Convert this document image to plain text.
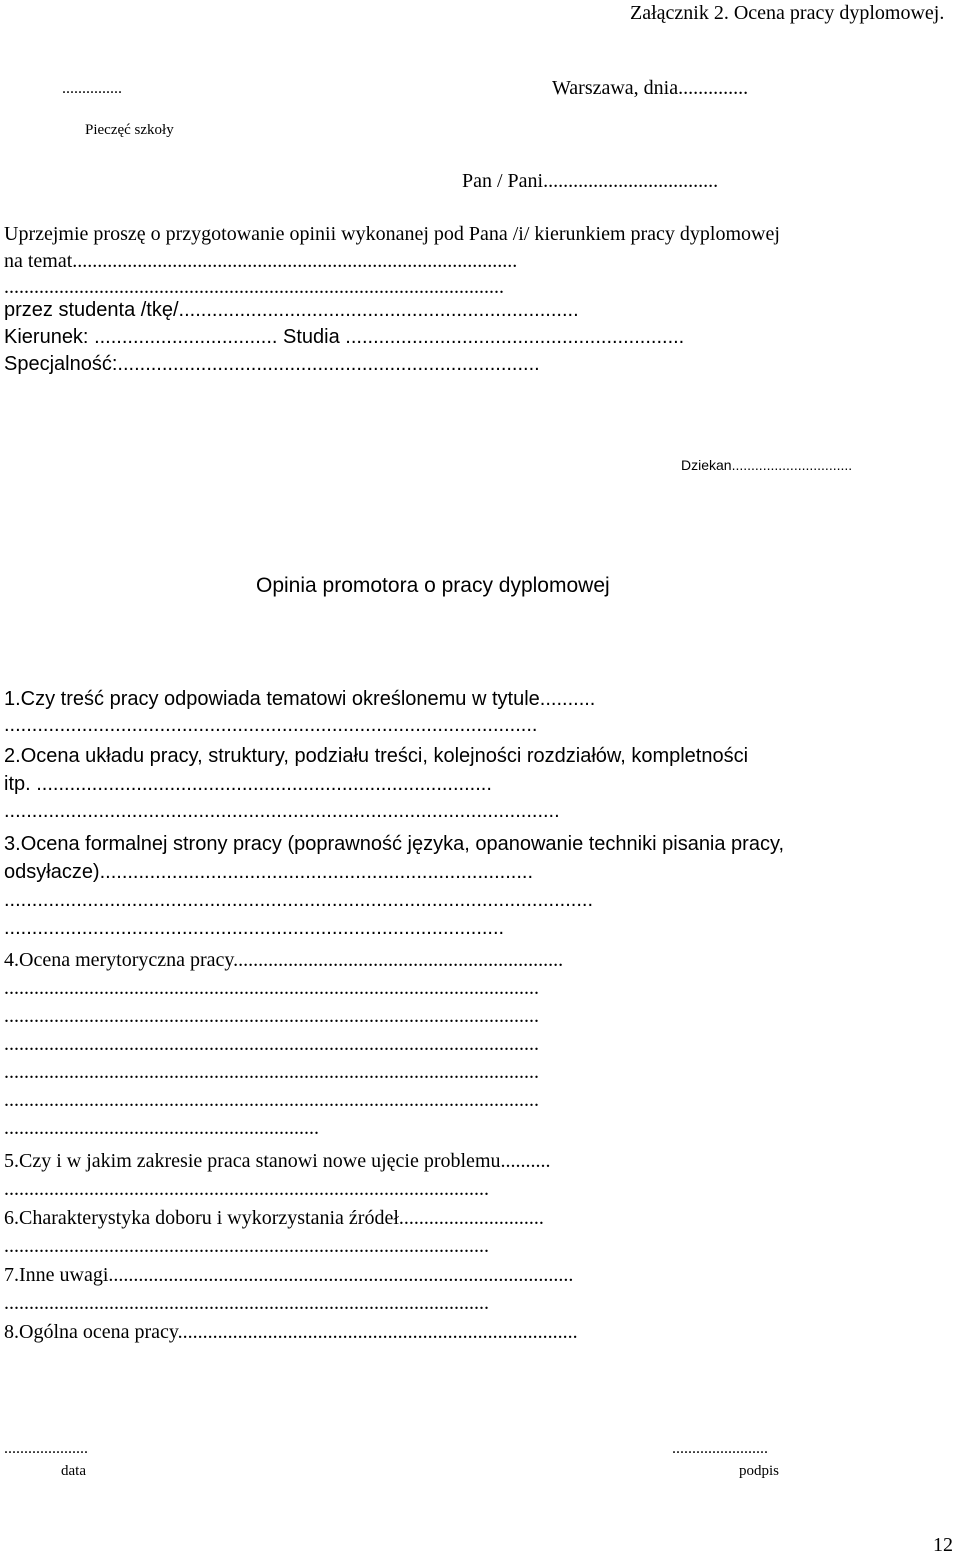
Załącznik 2. Ocena pracy dyplomowej.
...............
Pieczęć szkoły
Warszawa, dnia..............
Pan / Pani...................................
Uprzejmie proszę o przygotowanie opinii wykonanej pod Pana /i/ kierunkiem pracy dyplomowej
na temat.........................................................................................
....................................................................................................
przez studenta /tkę/........................................................................
Kierunek: ................................. Studia .............................................................
Specjalność:............................................................................
Dziekan...............................
Opinia promotora o pracy dyplomowej
1.Czy treść pracy odpowiada tematowi określonemu w tytule..........
................................................................................................
2.Ocena układu pracy, struktury, podziału treści, kolejności rozdziałów, kompletności
itp. ..................................................................................
....................................................................................................
3.Ocena formalnej strony pracy (poprawność języka, opanowanie techniki pisania pracy,
odsyłacze)..............................................................................
..........................................................................................................
..........................................................................................
4.Ocena merytoryczna pracy..................................................................
...........................................................................................................
...........................................................................................................
...........................................................................................................
...........................................................................................................
...........................................................................................................
...............................................................
5.Czy i w jakim zakresie praca stanowi nowe ujęcie problemu..........
.................................................................................................
6.Charakterystyka doboru i wykorzystania źródeł.............................
.................................................................................................
7.Inne uwagi.............................................................................................
.................................................................................................
8.Ogólna ocena pracy................................................................................
.....................
data
........................
podpis
12
